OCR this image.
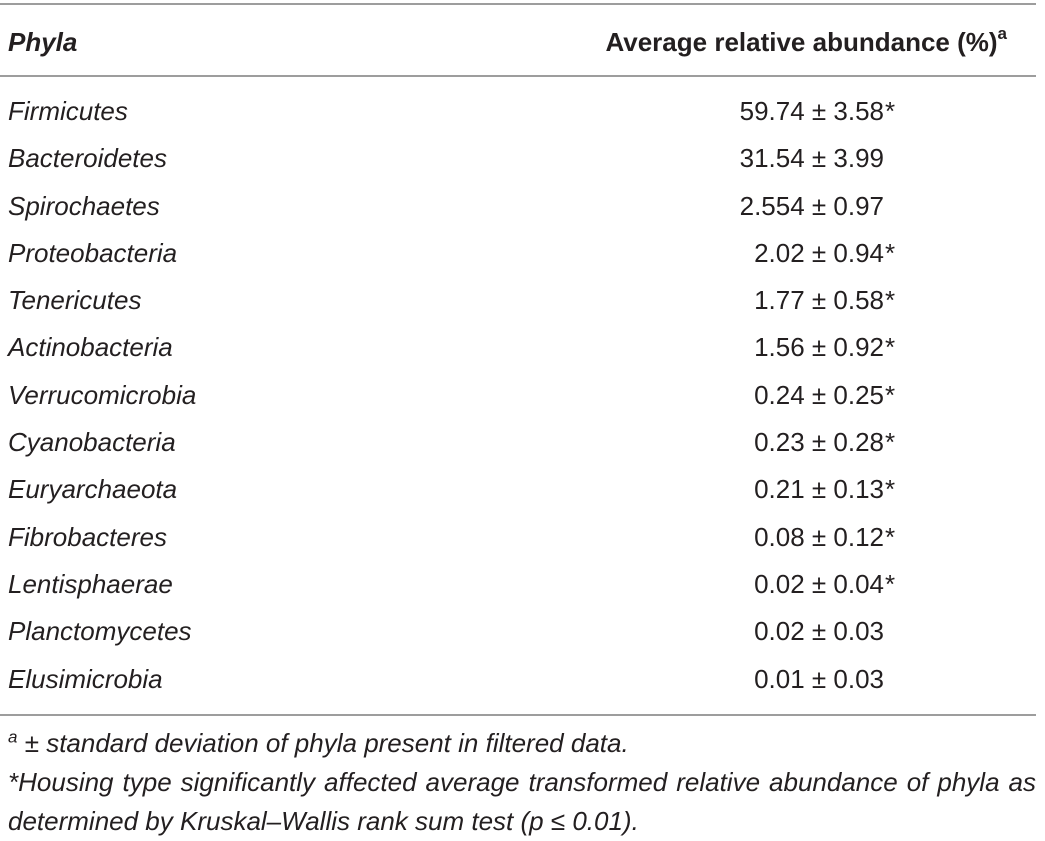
Phyla	Average relative abundance (%)$^a$
Firmicutes	59.74 ± 3.58 *
Bacteroidetes	31.54 ± 3.99
Spirochaetes	2.554 ± 0.97
Proteobacteria	2.02 ± 0.94 *
Tenericutes	1.77 ± 0.58 *
Actinobacteria	1.56 ± 0.92 *
Verrucomicrobia	0.24 ± 0.25 *
Cyanobacteria	0.23 ± 0.28 *
Euryarchaeota	0.21 ± 0.13 *
Fibrobacteres	0.08 ± 0.12 *
Lentisphaerae	0.02 ± 0.04 *
Planctomycetes	0.02 ± 0.03
Elusimicrobia	0.01 ± 0.03
$^a$ ± standard deviation of phyla present in filtered data.
*Housing type significantly affected average transformed relative abundance of phyla as determined by Kruskal–Wallis rank sum test (p ≤ 0.01).
